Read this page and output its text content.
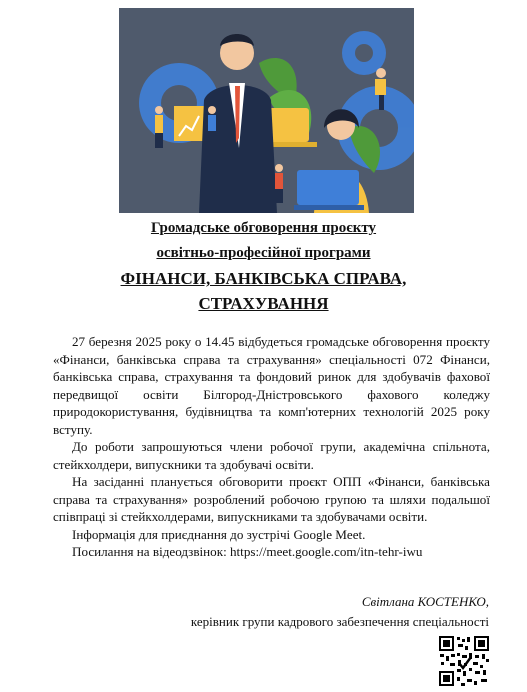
Громадське обговорення проєкту
освітньо-професійної програми
ФІНАНСИ, БАНКІВСЬКА СПРАВА,
СТРАХУВАННЯ

27 березня 2025 року о 14.45 відбудеться громадське обговорення проєкту «Фінанси, банківська справа та страхування» спеціальності 072 Фінанси, банківська справа, страхування та фондовий ринок для здобувачів фахової передвищої освіти Білгород-Дністровського фахового коледжу природокористування, будівництва та комп'ютерних технологій 2025 року вступу.

До роботи запрошуються члени робочої групи, академічна спільнота, стейкхолдери, випускники та здобувачі освіти.

На засіданні планується обговорити проєкт ОПП «Фінанси, банківська справа та страхування» розроблений робочою групою та шляхи подальшої співпраці зі стейкхолдерами, випускниками та здобувачами освіти.

Інформація для приєднання до зустрічі Google Meet.

Посилання на відеодзвінок: https://meet.google.com/itn-tehr-iwu

Світлана КОСТЕНКО,
керівник групи кадрового забезпечення спеціальності
